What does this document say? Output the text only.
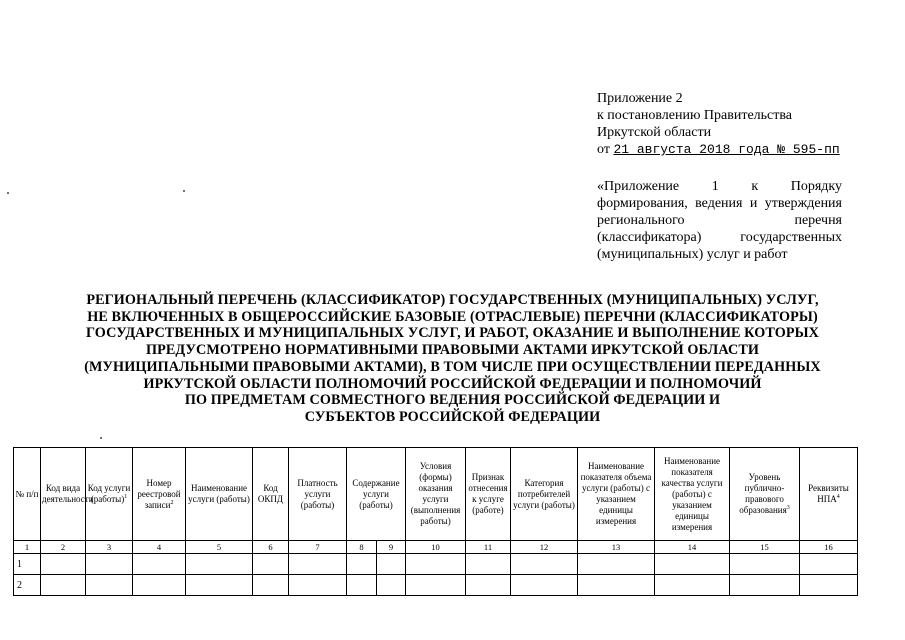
Приложение 2
к постановлению Правительства
Иркутской области
от 21 августа 2018 года № 595-пп
«Приложение 1 к Порядку формирования, ведения и утверждения регионального перечня (классификатора) государственных (муниципальных) услуг и работ
РЕГИОНАЛЬНЫЙ ПЕРЕЧЕНЬ (КЛАССИФИКАТОР) ГОСУДАРСТВЕННЫХ (МУНИЦИПАЛЬНЫХ) УСЛУГ,
НЕ ВКЛЮЧЕННЫХ В ОБЩЕРОССИЙСКИЕ БАЗОВЫЕ (ОТРАСЛЕВЫЕ) ПЕРЕЧНИ (КЛАССИФИКАТОРЫ)
ГОСУДАРСТВЕННЫХ И МУНИЦИПАЛЬНЫХ УСЛУГ, И РАБОТ, ОКАЗАНИЕ И ВЫПОЛНЕНИЕ КОТОРЫХ
ПРЕДУСМОТРЕНО НОРМАТИВНЫМИ ПРАВОВЫМИ АКТАМИ ИРКУТСКОЙ ОБЛАСТИ
(МУНИЦИПАЛЬНЫМИ ПРАВОВЫМИ АКТАМИ), В ТОМ ЧИСЛЕ ПРИ ОСУЩЕСТВЛЕНИИ ПЕРЕДАННЫХ
ИРКУТСКОЙ ОБЛАСТИ ПОЛНОМОЧИЙ РОССИЙСКОЙ ФЕДЕРАЦИИ И ПОЛНОМОЧИЙ
ПО ПРЕДМЕТАМ СОВМЕСТНОГО ВЕДЕНИЯ РОССИЙСКОЙ ФЕДЕРАЦИИ И
СУБЪЕКТОВ РОССИЙСКОЙ ФЕДЕРАЦИИ
№ п/п	Код вида деятельности	Код услуги (работы)$^1$	Номер реестровой записи$^2$	Наименование услуги (работы)	Код ОКПД	Платность услуги (работы)	Содержание услуги (работы)		Условия (формы) оказания услуги (выполнения работы)	Признак отнесения к услуге (работе)	Категория потребителей услуги (работы)	Наименование показателя объема услуги (работы) с указанием единицы измерения	Наименование показателя качества услуги (работы) с указанием единицы измерения	Уровень публично-правового образования$^3$	Реквизиты НПА$^4$
1	2	3	4	5	6	7	8	9	10	11	12	13	14	15	16
1															
2															
